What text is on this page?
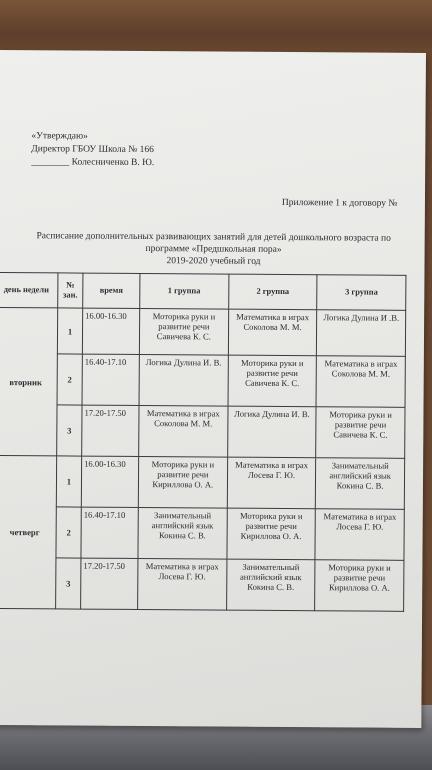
«Утверждаю»
Директор ГБОУ Школа № 166
________ Колесниченко В. Ю.
Приложение 1 к договору №
Расписание дополнительных развивающих занятий для детей дошкольного возраста по
программе «Предшкольная пора»
2019-2020 учебный год
день недели	№ зан.	время	1 группа	2 группа	3 группа
вторник	1	16.00-16.30	Моторика руки и развитие речи Савичева К. С.	Математика в играх Соколова М. М.	Логика Дулина И .В.
	2	16.40-17.10	Логика Дулина И. В.	Моторика руки и развитие речи Савичева К. С.	Математика в играх Соколова М. М.
	3	17.20-17.50	Математика в играх Соколова М. М.	Логика Дулина И. В.	Моторика руки и развитие речи Савичева К. С.
четверг	1	16.00-16.30	Моторика руки и развитие речи Кириллова О. А.	Математика в играх Лосева Г. Ю.	Занимательный английский язык Кокина С. В.
	2	16.40-17.10	Занимательный английский язык Кокина С. В.	Моторика руки и развитие речи Кириллова О. А.	Математика в играх Лосева Г. Ю.
	3	17.20-17.50	Математика в играх Лосева Г. Ю.	Занимательный английский язык Кокина С. В.	Моторика руки и развитие речи Кириллова О. А.
